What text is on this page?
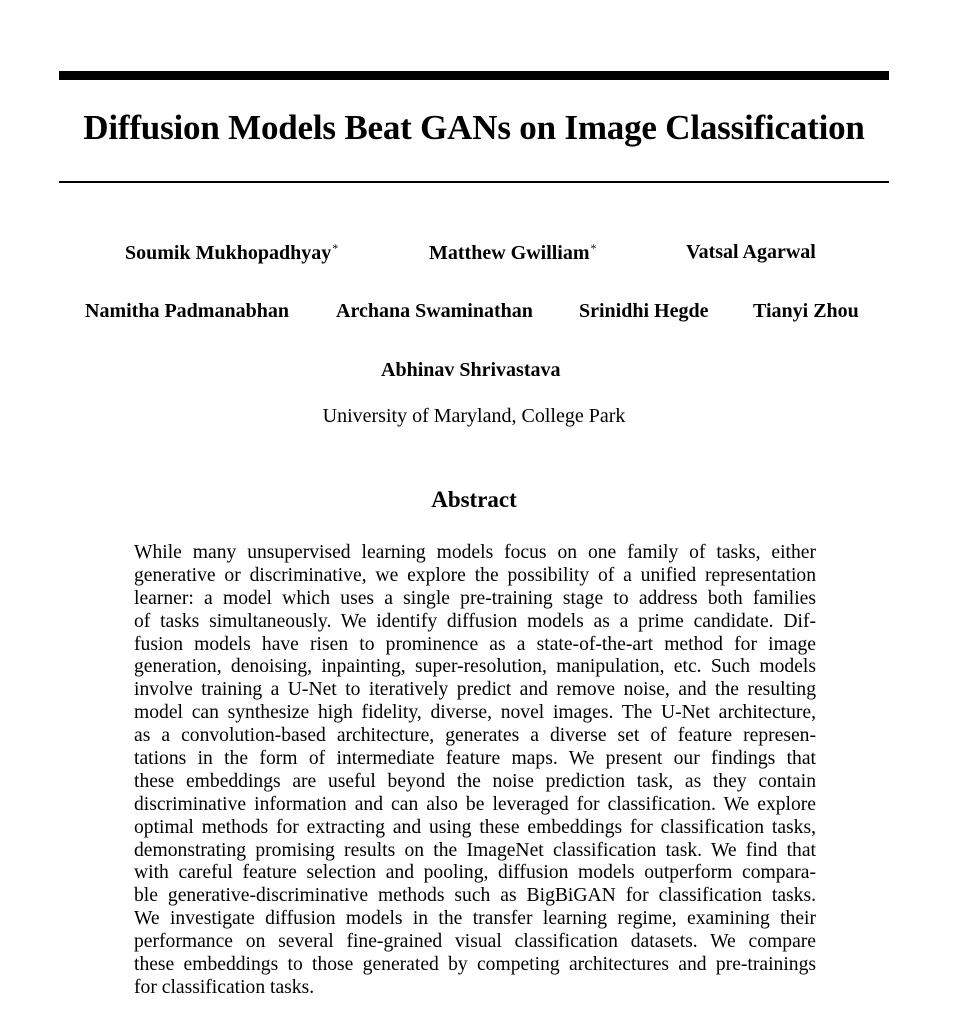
Diffusion Models Beat GANs on Image Classification
Soumik Mukhopadhyay*	Matthew Gwilliam*	Vatsal Agarwal
Namitha Padmanabhan Archana Swaminathan Srinidhi Hegde Tianyi Zhou
Abhinav Shrivastava
University of Maryland, College Park
Abstract
While many unsupervised learning models focus on one family of tasks, either
generative or discriminative, we explore the possibility of a unified representation
learner: a model which uses a single pre-training stage to address both families
of tasks simultaneously. We identify diffusion models as a prime candidate. Dif-
fusion models have risen to prominence as a state-of-the-art method for image
generation, denoising, inpainting, super-resolution, manipulation, etc. Such models
involve training a U-Net to iteratively predict and remove noise, and the resulting
model can synthesize high fidelity, diverse, novel images. The U-Net architecture,
as a convolution-based architecture, generates a diverse set of feature represen-
tations in the form of intermediate feature maps. We present our findings that
these embeddings are useful beyond the noise prediction task, as they contain
discriminative information and can also be leveraged for classification. We explore
optimal methods for extracting and using these embeddings for classification tasks,
demonstrating promising results on the ImageNet classification task. We find that
with careful feature selection and pooling, diffusion models outperform compara-
ble generative-discriminative methods such as BigBiGAN for classification tasks.
We investigate diffusion models in the transfer learning regime, examining their
performance on several fine-grained visual classification datasets. We compare
these embeddings to those generated by competing architectures and pre-trainings
for classification tasks.
